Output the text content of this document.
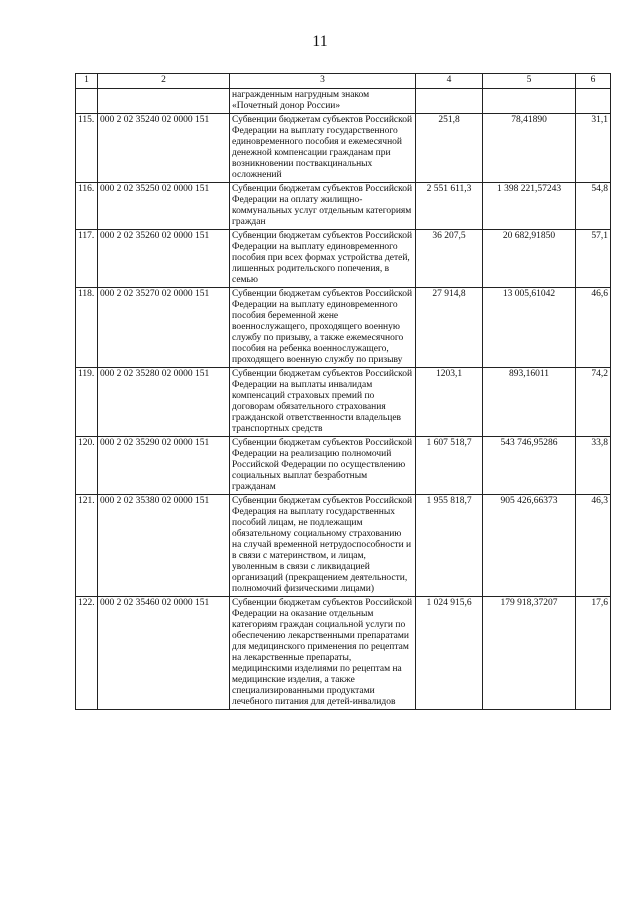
11
1	2	3	4	5	6
		награжденным нагрудным знаком «Почетный донор России»			
115.	000 2 02 35240 02 0000 151	Субвенции бюджетам субъектов Российской Федерации на выплату государственного единовременного пособия и ежемесячной денежной компенсации гражданам при возникновении поствакцинальных осложнений	251,8	78,41890	31,1
116.	000 2 02 35250 02 0000 151	Субвенции бюджетам субъектов Российской Федерации на оплату жилищно-коммунальных услуг отдельным категориям граждан	2 551 611,3	1 398 221,57243	54,8
117.	000 2 02 35260 02 0000 151	Субвенции бюджетам субъектов Российской Федерации на выплату единовременного пособия при всех формах устройства детей, лишенных родительского попечения, в семью	36 207,5	20 682,91850	57,1
118.	000 2 02 35270 02 0000 151	Субвенции бюджетам субъектов Российской Федерации на выплату единовременного пособия беременной жене военнослужащего, проходящего военную службу по призыву, а также ежемесячного пособия на ребенка военнослужащего, проходящего военную службу по призыву	27 914,8	13 005,61042	46,6
119.	000 2 02 35280 02 0000 151	Субвенции бюджетам субъектов Российской Федерации на выплаты инвалидам компенсаций страховых премий по договорам обязательного страхования гражданской ответственности владельцев транспортных средств	1203,1	893,16011	74,2
120.	000 2 02 35290 02 0000 151	Субвенции бюджетам субъектов Российской Федерации на реализацию полномочий Российской Федерации по осуществлению социальных выплат безработным гражданам	1 607 518,7	543 746,95286	33,8
121.	000 2 02 35380 02 0000 151	Субвенции бюджетам субъектов Российской Федерация на выплату государственных пособий лицам, не подлежащим обязательному социальному страхованию на случай временной нетрудоспособности и в связи с материнством, и лицам, уволенным в связи с ликвидацией организаций (прекращением деятельности, полномочий физическими лицами)	1 955 818,7	905 426,66373	46,3
122.	000 2 02 35460 02 0000 151	Субвенции бюджетам субъектов Российской Федерации на оказание отдельным категориям граждан социальной услуги по обеспечению лекарственными препаратами для медицинского применения по рецептам на лекарственные препараты, медицинскими изделиями по рецептам на медицинские изделия, а также специализированными продуктами лечебного питания для детей-инвалидов	1 024 915,6	179 918,37207	17,6
